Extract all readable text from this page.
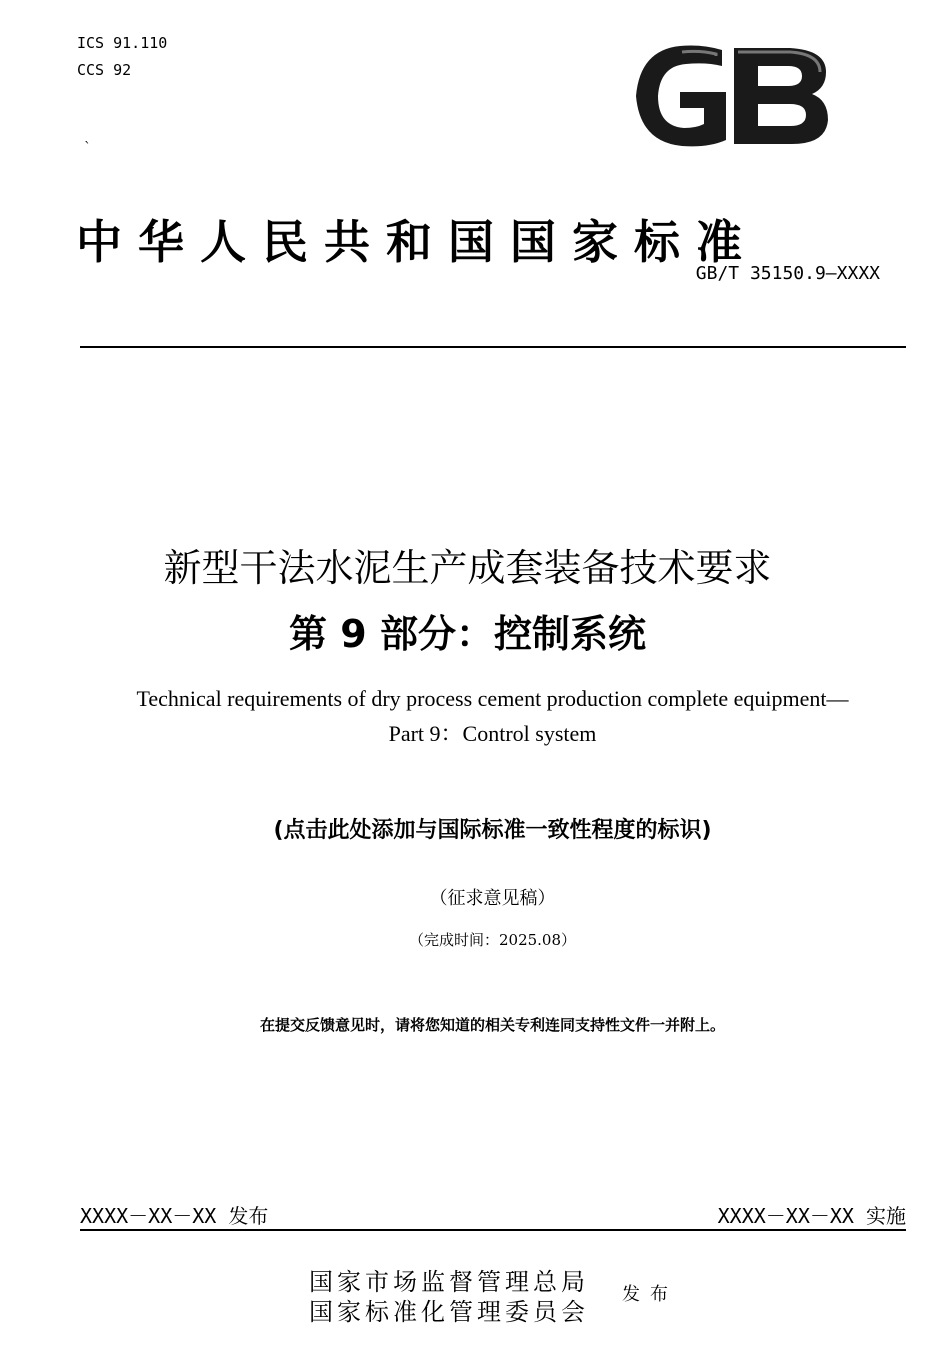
ICS 91.110
CCS 92
`
中华人民共和国国家标准
GB/T 35150.9—XXXX
新型干法水泥生产成套装备技术要求
第 9 部分：控制系统
Technical requirements of dry process cement production complete equipment—
Part 9：Control system
(点击此处添加与国际标准一致性程度的标识)
（征求意见稿）
（完成时间：2025.08）
在提交反馈意见时，请将您知道的相关专利连同支持性文件一并附上。
XXXX－XX－XX 发布	XXXX－XX－XX 实施
国家市场监督管理总局
国家标准化管理委员会
发布
